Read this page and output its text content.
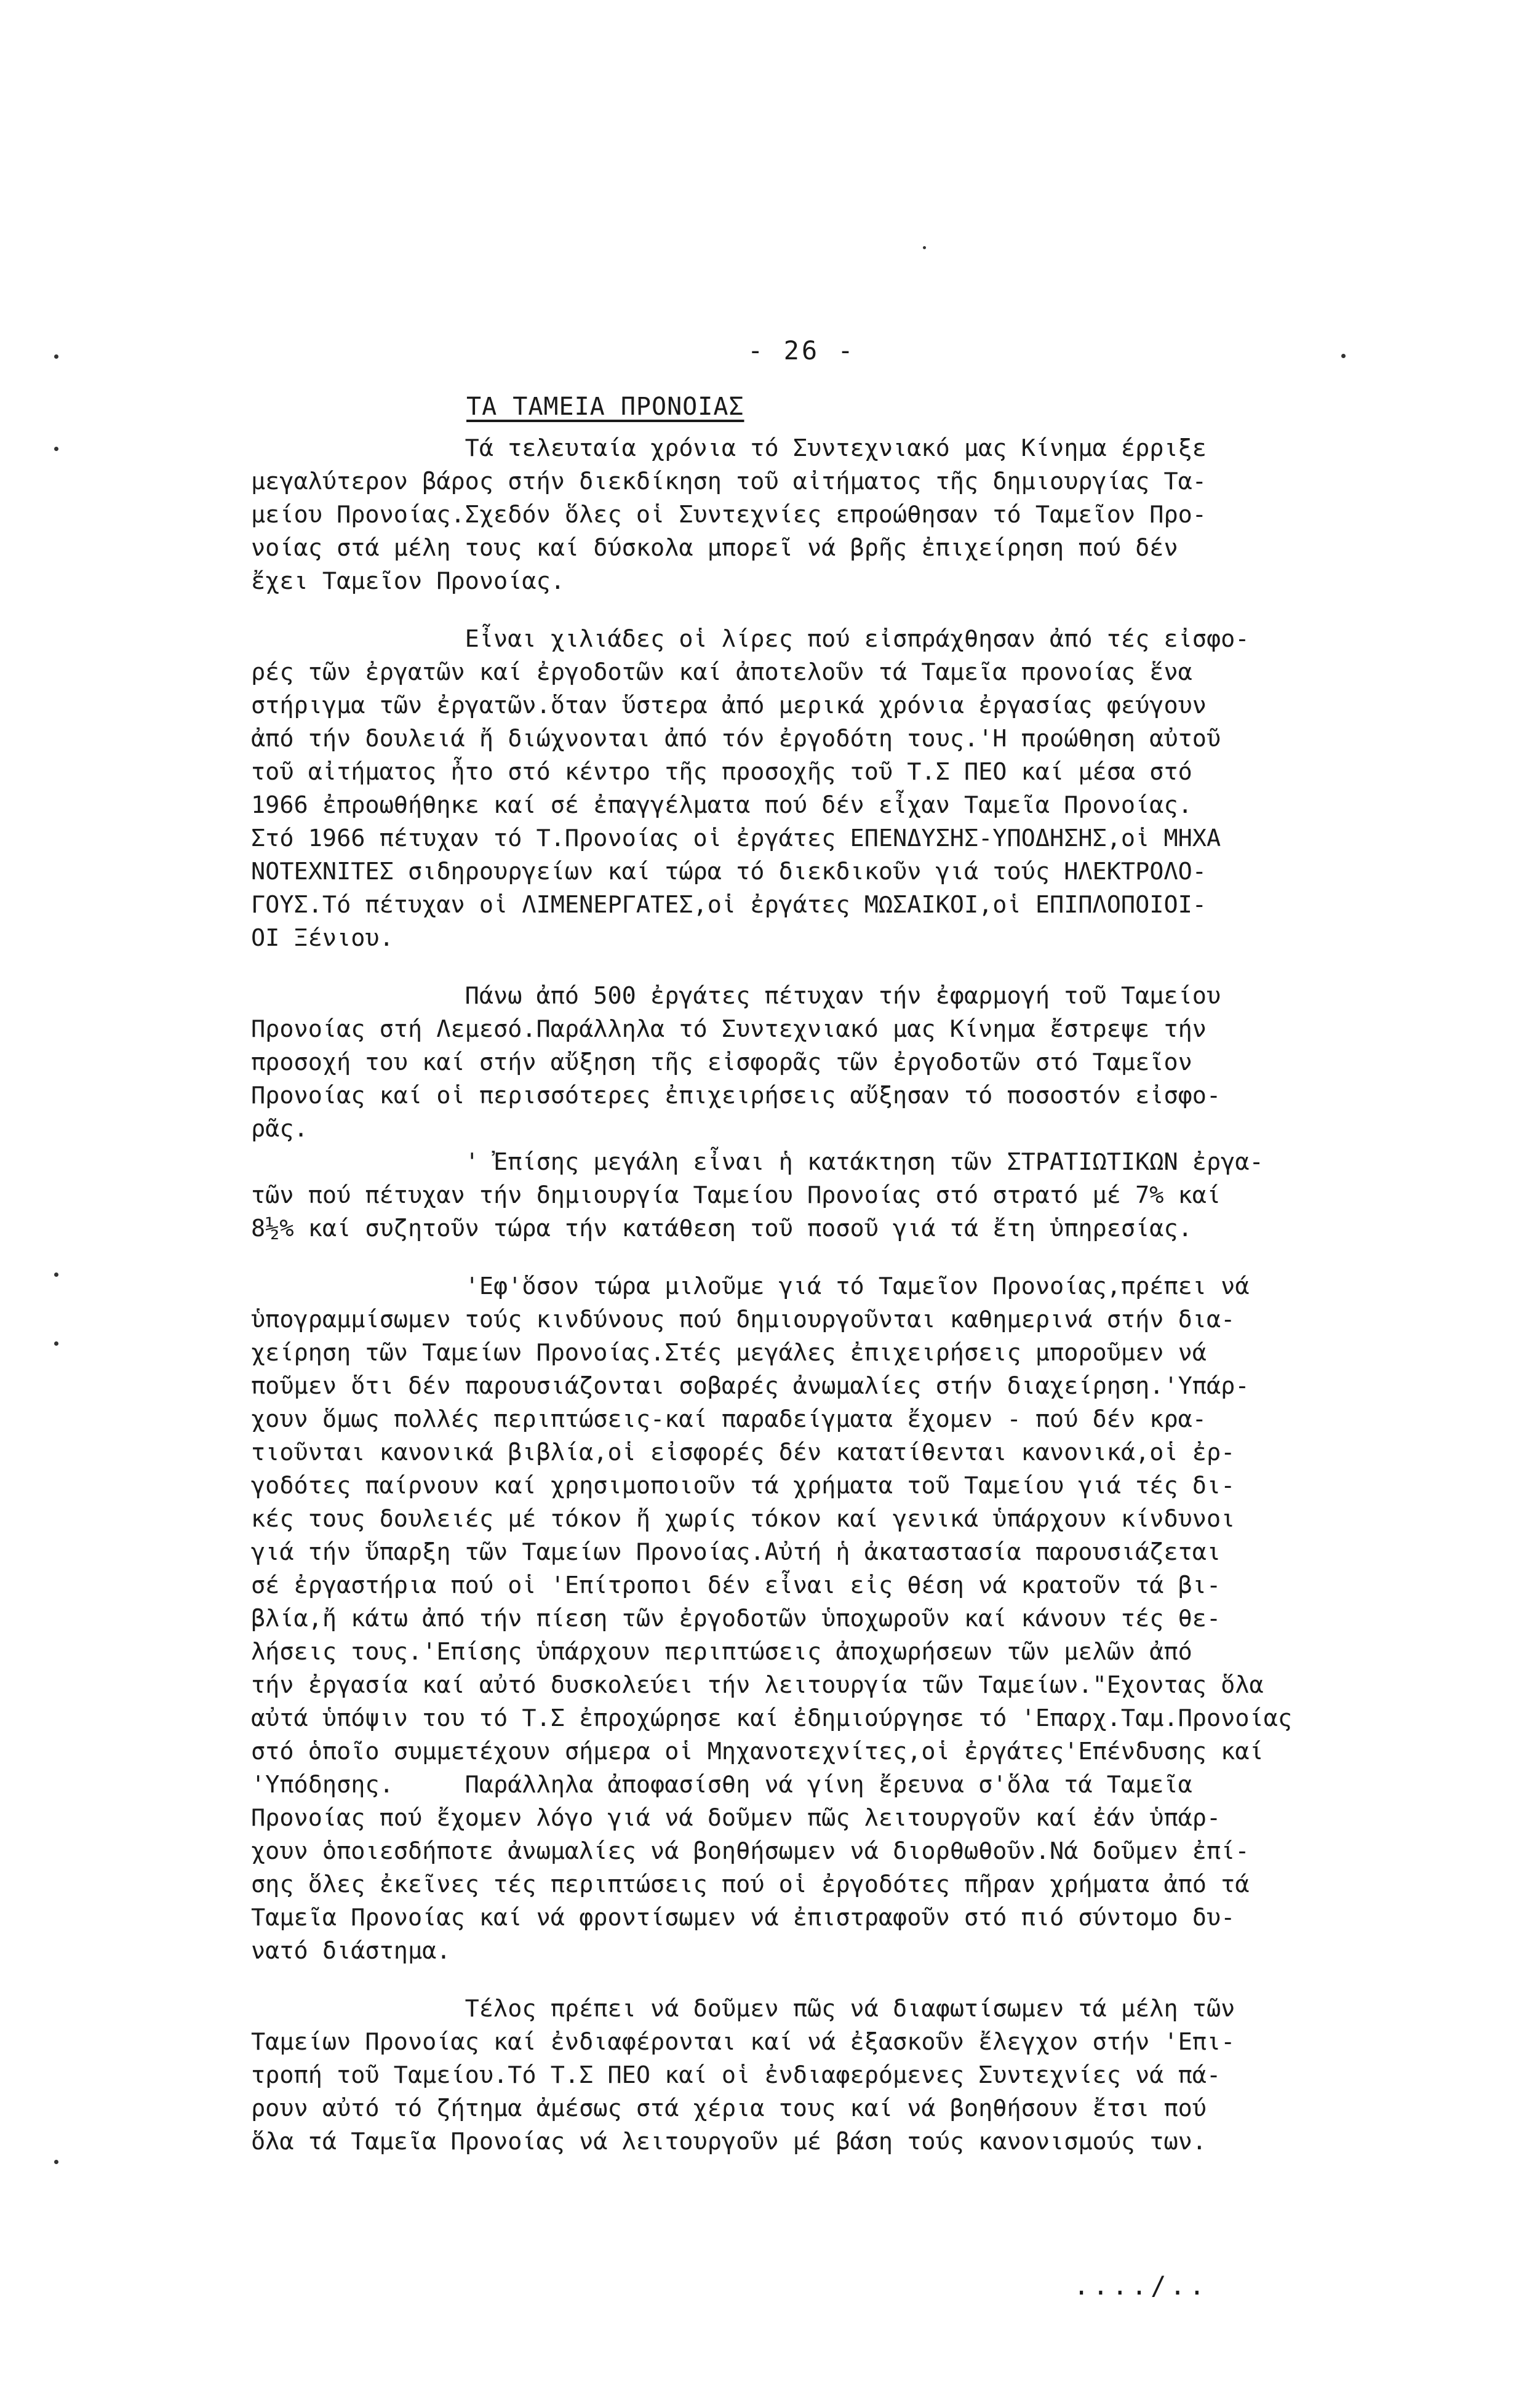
- 26 -
ΤΑ ΤΑΜΕΙΑ ΠΡΟΝΟΙΑΣ
Τά τελευταία χρόνια τό Συντεχνιακό μας Κίνημα έρριξε
μεγαλύτερον βάρος στήν διεκδίκηση τοῦ αἰτήματος τῆς δημιουργίας Τα-
μείου Προνοίας.Σχεδόν ὅλες οἱ Συντεχνίες επροώθησαν τό Ταμεῖον Προ-
νοίας στά μέλη τους καί δύσκολα μπορεῖ νά βρῆς ἐπιχείρηση πού δέν
ἔχει Ταμεῖον Προνοίας.
Εἶναι χιλιάδες οἱ λίρες πού εἰσπράχθησαν ἀπό τές εἰσφο-
ρές τῶν ἐργατῶν καί ἐργοδοτῶν καί ἀποτελοῦν τά Ταμεῖα προνοίας ἕνα
στήριγμα τῶν ἐργατῶν.ὅταν ὕστερα ἀπό μερικά χρόνια ἐργασίας φεύγουν
ἀπό τήν δουλειά ἤ διώχνονται ἀπό τόν ἐργοδότη τους.'Η προώθηση αὐτοῦ
τοῦ αἰτήματος ἦτο στό κέντρο τῆς προσοχῆς τοῦ Τ.Σ ΠΕΟ καί μέσα στό
1966 ἐπροωθήθηκε καί σέ ἐπαγγέλματα πού δέν εἶχαν Ταμεῖα Προνοίας.
Στό 1966 πέτυχαν τό Τ.Προνοίας οἱ ἐργάτες ΕΠΕΝΔΥΣΗΣ-ΥΠΟΔΗΣΗΣ,οἱ ΜΗΧΑ
ΝΟΤΕΧΝΙΤΕΣ σιδηρουργείων καί τώρα τό διεκδικοῦν γιά τούς ΗΛΕΚΤΡΟΛΟ-
ΓΟΥΣ.Τό πέτυχαν οἱ ΛΙΜΕΝΕΡΓΑΤΕΣ,οἱ ἐργάτες ΜΩΣΑΙΚΟΙ,οἱ ΕΠΙΠΛΟΠΟΙΟΙ-
ΟΙ Ξένιου.
Πάνω ἀπό 500 ἐργάτες πέτυχαν τήν ἐφαρμογή τοῦ Ταμείου
Προνοίας στή Λεμεσό.Παράλληλα τό Συντεχνιακό μας Κίνημα ἔστρεψε τήν
προσοχή του καί στήν αὔξηση τῆς εἰσφορᾶς τῶν ἐργοδοτῶν στό Ταμεῖον
Προνοίας καί οἱ περισσότερες ἐπιχειρήσεις αὔξησαν τό ποσοστόν εἰσφο-
ρᾶς.
' Ἐπίσης μεγάλη εἶναι ἡ κατάκτηση τῶν ΣΤΡΑΤΙΩΤΙΚΩΝ ἐργα-
τῶν πού πέτυχαν τήν δημιουργία Ταμείου Προνοίας στό στρατό μέ 7% καί
8½% καί συζητοῦν τώρα τήν κατάθεση τοῦ ποσοῦ γιά τά ἔτη ὑπηρεσίας.
'Εφ'ὅσον τώρα μιλοῦμε γιά τό Ταμεῖον Προνοίας,πρέπει νά
ὑπογραμμίσωμεν τούς κινδύνους πού δημιουργοῦνται καθημερινά στήν δια-
χείρηση τῶν Ταμείων Προνοίας.Στές μεγάλες ἐπιχειρήσεις μποροῦμεν νά
ποῦμεν ὅτι δέν παρουσιάζονται σοβαρές ἀνωμαλίες στήν διαχείρηση.'Υπάρ-
χουν ὅμως πολλές περιπτώσεις-καί παραδείγματα ἔχομεν - πού δέν κρα-
τιοῦνται κανονικά βιβλία,οἱ εἰσφορές δέν κατατίθενται κανονικά,οἱ ἐρ-
γοδότες παίρνουν καί χρησιμοποιοῦν τά χρήματα τοῦ Ταμείου γιά τές δι-
κές τους δουλειές μέ τόκον ἤ χωρίς τόκον καί γενικά ὑπάρχουν κίνδυνοι
γιά τήν ὕπαρξη τῶν Ταμείων Προνοίας.Αὐτή ἡ ἀκαταστασία παρουσιάζεται
σέ ἐργαστήρια πού οἱ 'Επίτροποι δέν εἶναι εἰς θέση νά κρατοῦν τά βι-
βλία,ἤ κάτω ἀπό τήν πίεση τῶν ἐργοδοτῶν ὑποχωροῦν καί κάνουν τές θε-
λήσεις τους.'Επίσης ὑπάρχουν περιπτώσεις ἀποχωρήσεων τῶν μελῶν ἀπό
τήν ἐργασία καί αὐτό δυσκολεύει τήν λειτουργία τῶν Ταμείων."Εχοντας ὅλα
αὐτά ὑπόψιν του τό Τ.Σ ἐπροχώρησε καί ἐδημιούργησε τό 'Επαρχ.Ταμ.Προνοίας
στό ὁποῖο συμμετέχουν σήμερα οἱ Μηχανοτεχνίτες,οἱ ἐργάτες'Επένδυσης καί
'Υπόδησης.     Παράλληλα ἀποφασίσθη νά γίνη ἔρευνα σ'ὅλα τά Ταμεῖα
Προνοίας πού ἔχομεν λόγο γιά νά δοῦμεν πῶς λειτουργοῦν καί ἐάν ὑπάρ-
χουν ὁποιεσδήποτε ἀνωμαλίες νά βοηθήσωμεν νά διορθωθοῦν.Νά δοῦμεν ἐπί-
σης ὅλες ἐκεῖνες τές περιπτώσεις πού οἱ ἐργοδότες πῆραν χρήματα ἀπό τά
Ταμεῖα Προνοίας καί νά φροντίσωμεν νά ἐπιστραφοῦν στό πιό σύντομο δυ-
νατό διάστημα.
Τέλος πρέπει νά δοῦμεν πῶς νά διαφωτίσωμεν τά μέλη τῶν
Ταμείων Προνοίας καί ἐνδιαφέρονται καί νά ἐξασκοῦν ἔλεγχον στήν 'Επι-
τροπή τοῦ Ταμείου.Τό Τ.Σ ΠΕΟ καί οἱ ἐνδιαφερόμενες Συντεχνίες νά πά-
ρουν αὐτό τό ζήτημα ἀμέσως στά χέρια τους καί νά βοηθήσουν ἔτσι πού
ὅλα τά Ταμεῖα Προνοίας νά λειτουργοῦν μέ βάση τούς κανονισμούς των.
..../..
